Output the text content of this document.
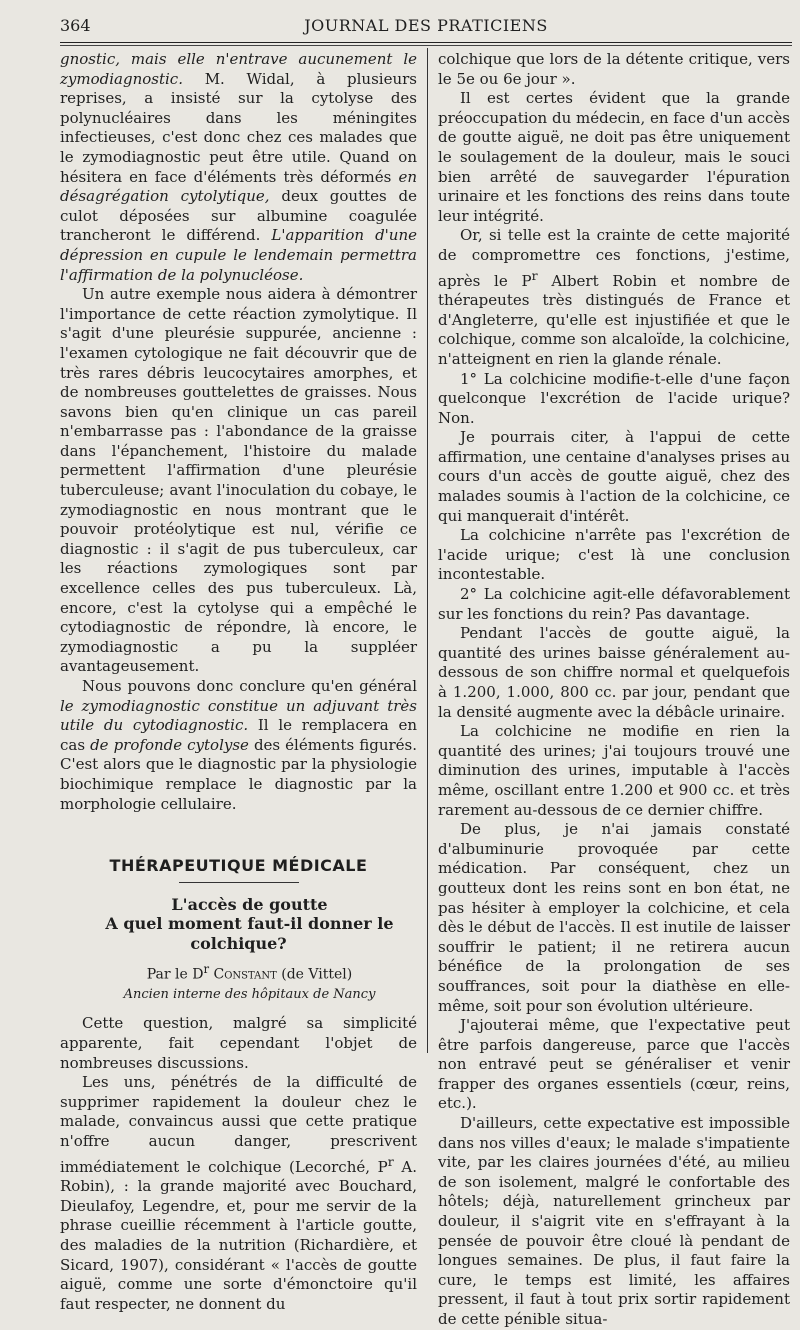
364	JOURNAL DES PRATICIENS

gnostic, mais elle n'entrave aucunement le zymodiagnostic. M. Widal, à plusieurs reprises, a insisté sur la cytolyse des polynucléaires dans les méningites infectieuses, c'est donc chez ces malades que le zymodiagnostic peut être utile. Quand on hésitera en face d'éléments très déformés en désagrégation cytolytique, deux gouttes de culot déposées sur albumine coagulée trancheront le différend. L'apparition d'une dépression en cupule le lendemain permettra l'affirmation de la polynucléose.

Un autre exemple nous aidera à démontrer l'importance de cette réaction zymolytique. Il s'agit d'une pleurésie suppurée, ancienne : l'examen cytologique ne fait découvrir que de très rares débris leucocytaires amorphes, et de nombreuses gouttelettes de graisses. Nous savons bien qu'en clinique un cas pareil n'embarrasse pas : l'abondance de la graisse dans l'épanchement, l'histoire du malade permettent l'affirmation d'une pleurésie tuberculeuse; avant l'inoculation du cobaye, le zymodiagnostic en nous montrant que le pouvoir protéolytique est nul, vérifie ce diagnostic : il s'agit de pus tuberculeux, car les réactions zymologiques sont par excellence celles des pus tuberculeux. Là, encore, c'est la cytolyse qui a empêché le cytodiagnostic de répondre, là encore, le zymodiagnostic a pu la suppléer avantageusement.

Nous pouvons donc conclure qu'en général le zymodiagnostic constitue un adjuvant très utile du cytodiagnostic. Il le remplacera en cas de profonde cytolyse des éléments figurés. C'est alors que le diagnostic par la physiologie biochimique remplace le diagnostic par la morphologie cellulaire.

THÉRAPEUTIQUE MÉDICALE

L'accès de goutte

A quel moment faut-il donner le colchique?

Par le $D^r$ Constant (de Vittel)

Ancien interne des hôpitaux de Nancy

Cette question, malgré sa simplicité apparente, fait cependant l'objet de nombreuses discussions.

Les uns, pénétrés de la difficulté de supprimer rapidement la douleur chez le malade, convaincus aussi que cette pratique n'offre aucun danger, prescrivent immédiatement le colchique (Lecorché, $P^r$ A. Robin), : la grande majorité avec Bouchard, Dieulafoy, Legendre, et, pour me servir de la phrase cueillie récemment à l'article goutte, des maladies de la nutrition (Richardière, et Sicard, 1907), considérant « l'accès de goutte aiguë, comme une sorte d'émonctoire qu'il faut respecter, ne donnent du

colchique que lors de la détente critique, vers le 5e ou 6e jour ».

Il est certes évident que la grande préoccupation du médecin, en face d'un accès de goutte aiguë, ne doit pas être uniquement le soulagement de la douleur, mais le souci bien arrêté de sauvegarder l'épuration urinaire et les fonctions des reins dans toute leur intégrité.

Or, si telle est la crainte de cette majorité de compromettre ces fonctions, j'estime, après le $P^r$ Albert Robin et nombre de thérapeutes très distingués de France et d'Angleterre, qu'elle est injustifiée et que le colchique, comme son alcaloïde, la colchicine, n'atteignent en rien la glande rénale.

1° La colchicine modifie-t-elle d'une façon quelconque l'excrétion de l'acide urique? Non.

Je pourrais citer, à l'appui de cette affirmation, une centaine d'analyses prises au cours d'un accès de goutte aiguë, chez des malades soumis à l'action de la colchicine, ce qui manquerait d'intérêt.

La colchicine n'arrête pas l'excrétion de l'acide urique; c'est là une conclusion incontestable.

2° La colchicine agit-elle défavorablement sur les fonctions du rein? Pas davantage.

Pendant l'accès de goutte aiguë, la quantité des urines baisse généralement au-dessous de son chiffre normal et quelquefois à 1.200, 1.000, 800 cc. par jour, pendant que la densité augmente avec la débâcle urinaire.

La colchicine ne modifie en rien la quantité des urines; j'ai toujours trouvé une diminution des urines, imputable à l'accès même, oscillant entre 1.200 et 900 cc. et très rarement au-dessous de ce dernier chiffre.

De plus, je n'ai jamais constaté d'albuminurie provoquée par cette médication. Par conséquent, chez un goutteux dont les reins sont en bon état, ne pas hésiter à employer la colchicine, et cela dès le début de l'accès. Il est inutile de laisser souffrir le patient; il ne retirera aucun bénéfice de la prolongation de ses souffrances, soit pour la diathèse en elle-même, soit pour son évolution ultérieure.

J'ajouterai même, que l'expectative peut être parfois dangereuse, parce que l'accès non entravé peut se généraliser et venir frapper des organes essentiels (cœur, reins, etc.).

D'ailleurs, cette expectative est impossible dans nos villes d'eaux; le malade s'impatiente vite, par les claires journées d'été, au milieu de son isolement, malgré le confortable des hôtels; déjà, naturellement grincheux par douleur, il s'aigrit vite en s'effrayant à la pensée de pouvoir être cloué là pendant de longues semaines. De plus, il faut faire la cure, le temps est limité, les affaires pressent, il faut à tout prix sortir rapidement de cette pénible situa-
